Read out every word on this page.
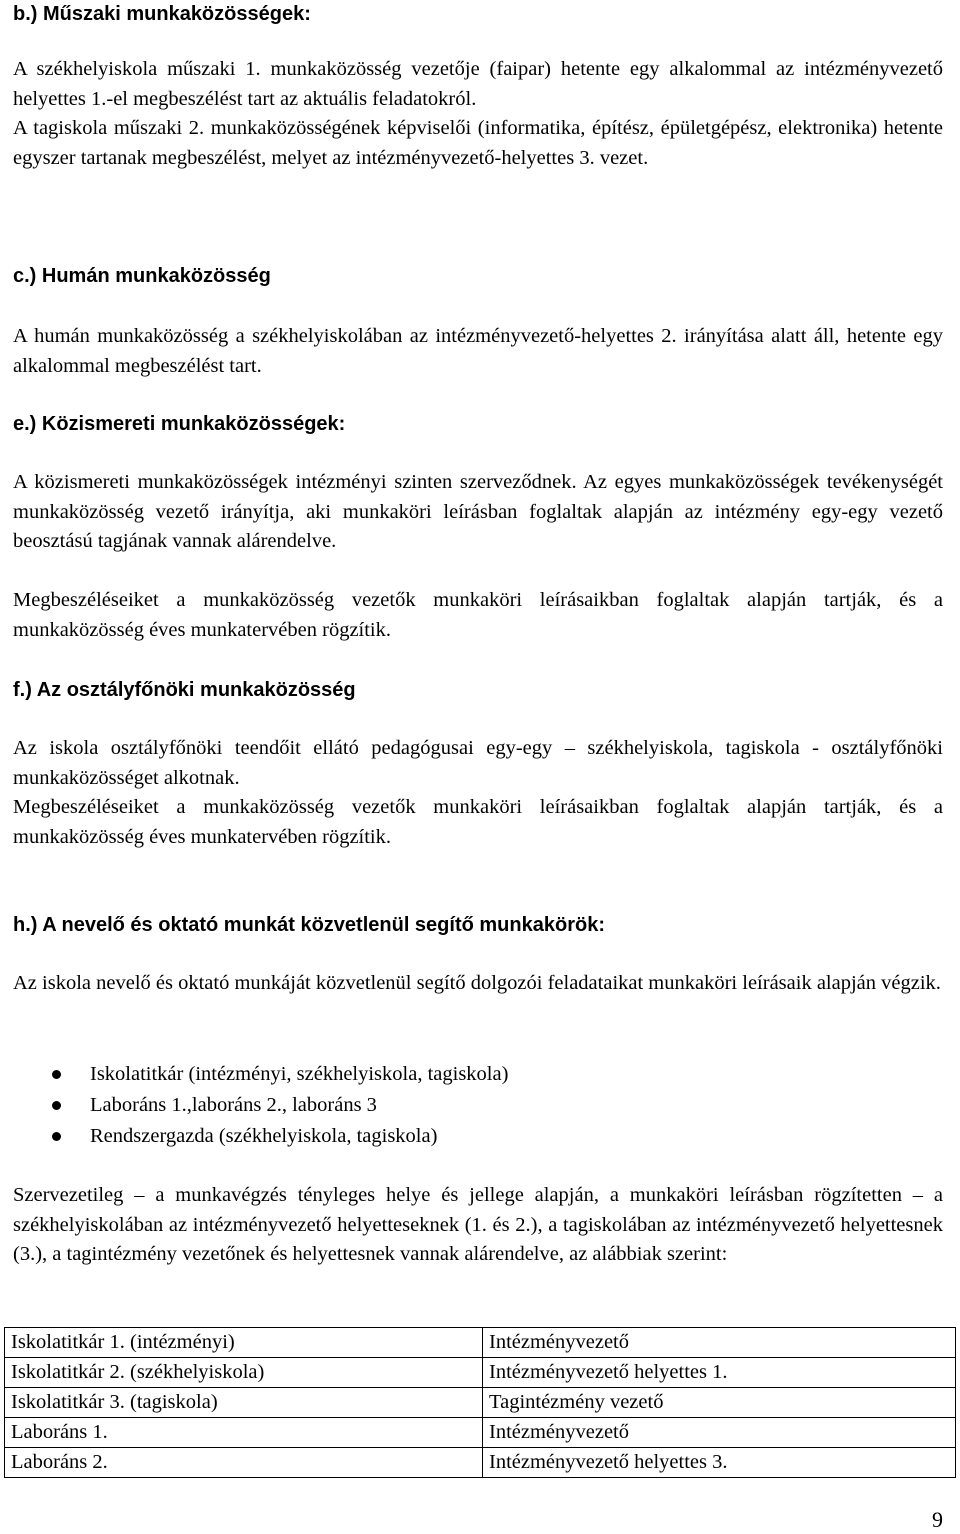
b.) Műszaki munkaközösségek:

A székhelyiskola műszaki 1. munkaközösség vezetője (faipar) hetente egy alkalommal az intézményvezető helyettes 1.-el megbeszélést tart az aktuális feladatokról.

A tagiskola műszaki 2. munkaközösségének képviselői (informatika, építész, épületgépész, elektronika) hetente egyszer tartanak megbeszélést, melyet az intézményvezető-helyettes 3. vezet.

c.) Humán munkaközösség

A humán munkaközösség a székhelyiskolában az intézményvezető-helyettes 2. irányítása alatt áll, hetente egy alkalommal megbeszélést tart.

e.) Közismereti munkaközösségek:

A közismereti munkaközösségek intézményi szinten szerveződnek. Az egyes munkaközösségek tevékenységét munkaközösség vezető irányítja, aki munkaköri leírásban foglaltak alapján az intézmény egy-egy vezető beosztású tagjának vannak alárendelve.

Megbeszéléseiket a munkaközösség vezetők munkaköri leírásaikban foglaltak alapján tartják, és a munkaközösség éves munkatervében rögzítik.

f.) Az osztályfőnöki munkaközösség

Az iskola osztályfőnöki teendőit ellátó pedagógusai egy-egy – székhelyiskola, tagiskola - osztályfőnöki munkaközösséget alkotnak.

Megbeszéléseiket a munkaközösség vezetők munkaköri leírásaikban foglaltak alapján tartják, és a munkaközösség éves munkatervében rögzítik.

h.) A nevelő és oktató munkát közvetlenül segítő munkakörök:

Az iskola nevelő és oktató munkáját közvetlenül segítő dolgozói feladataikat munkaköri leírásaik alapján végzik.

Iskolatitkár (intézményi, székhelyiskola, tagiskola)
Laboráns 1.,laboráns 2., laboráns 3
Rendszergazda (székhelyiskola, tagiskola)

Szervezetileg – a munkavégzés tényleges helye és jellege alapján, a munkaköri leírásban rögzítetten – a székhelyiskolában az intézményvezető helyetteseknek (1. és 2.), a tagiskolában az intézményvezető helyettesnek (3.), a tagintézmény vezetőnek és helyettesnek vannak alárendelve, az alábbiak szerint:

Iskolatitkár 1. (intézményi)	Intézményvezető
Iskolatitkár 2. (székhelyiskola)	Intézményvezető helyettes 1.
Iskolatitkár 3. (tagiskola)	Tagintézmény vezető
Laboráns 1.	Intézményvezető
Laboráns 2.	Intézményvezető helyettes 3.
9
